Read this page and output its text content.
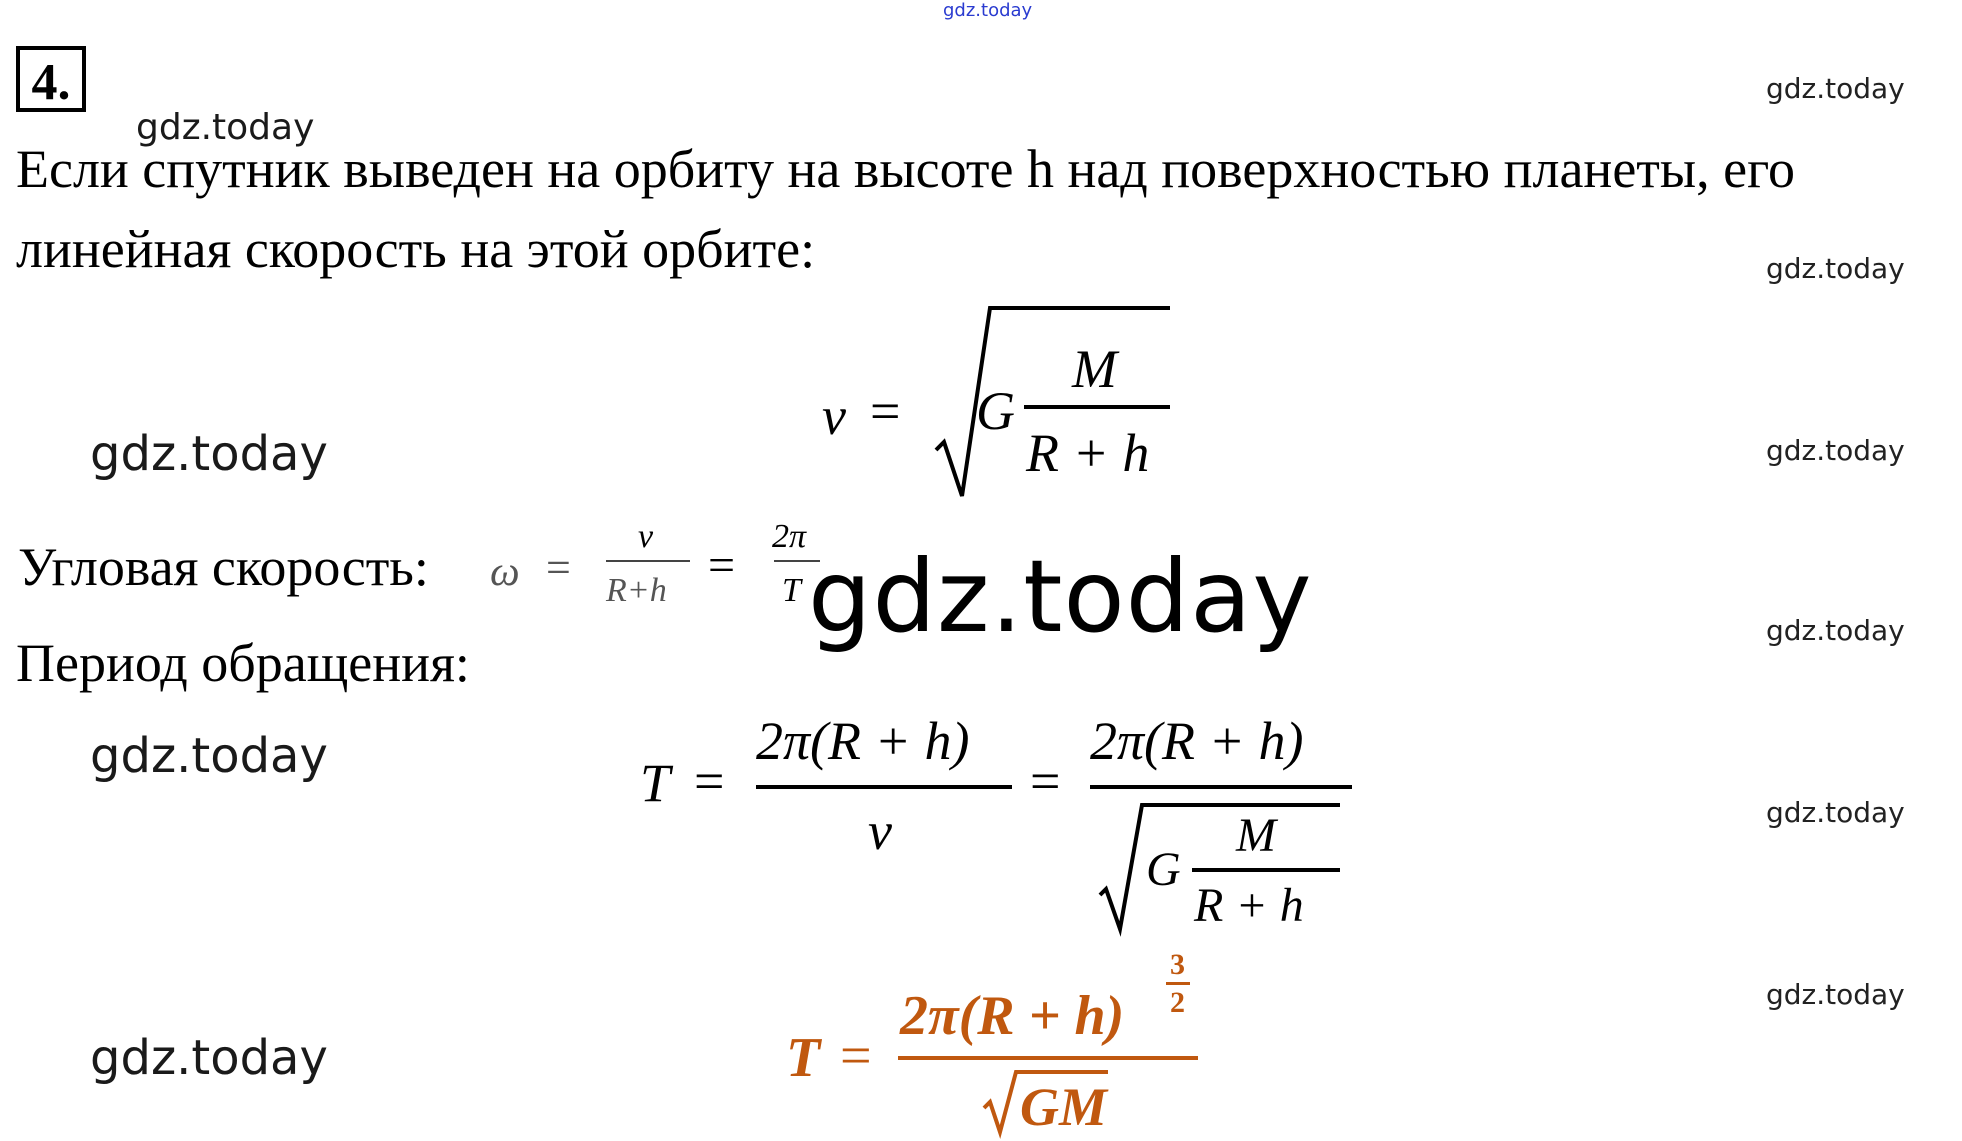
gdz.today
gdz.today
gdz.today
gdz.today
gdz.today
gdz.today
gdz.today
gdz.today
gdz.today
gdz.today
gdz.today
4.
Если спутник выведен на орбиту на высоте h над поверхностью планеты, его
линейная скорость на этой орбите:
v = G
M
R + h
Угловая скорость: ω =
v
R+h =
2π
T gdz.today
Период обращения:
T =
2π(R + h)
v
=
2π(R + h)
G
M
R + h
T =
2π(R + h)
3
2
GM
